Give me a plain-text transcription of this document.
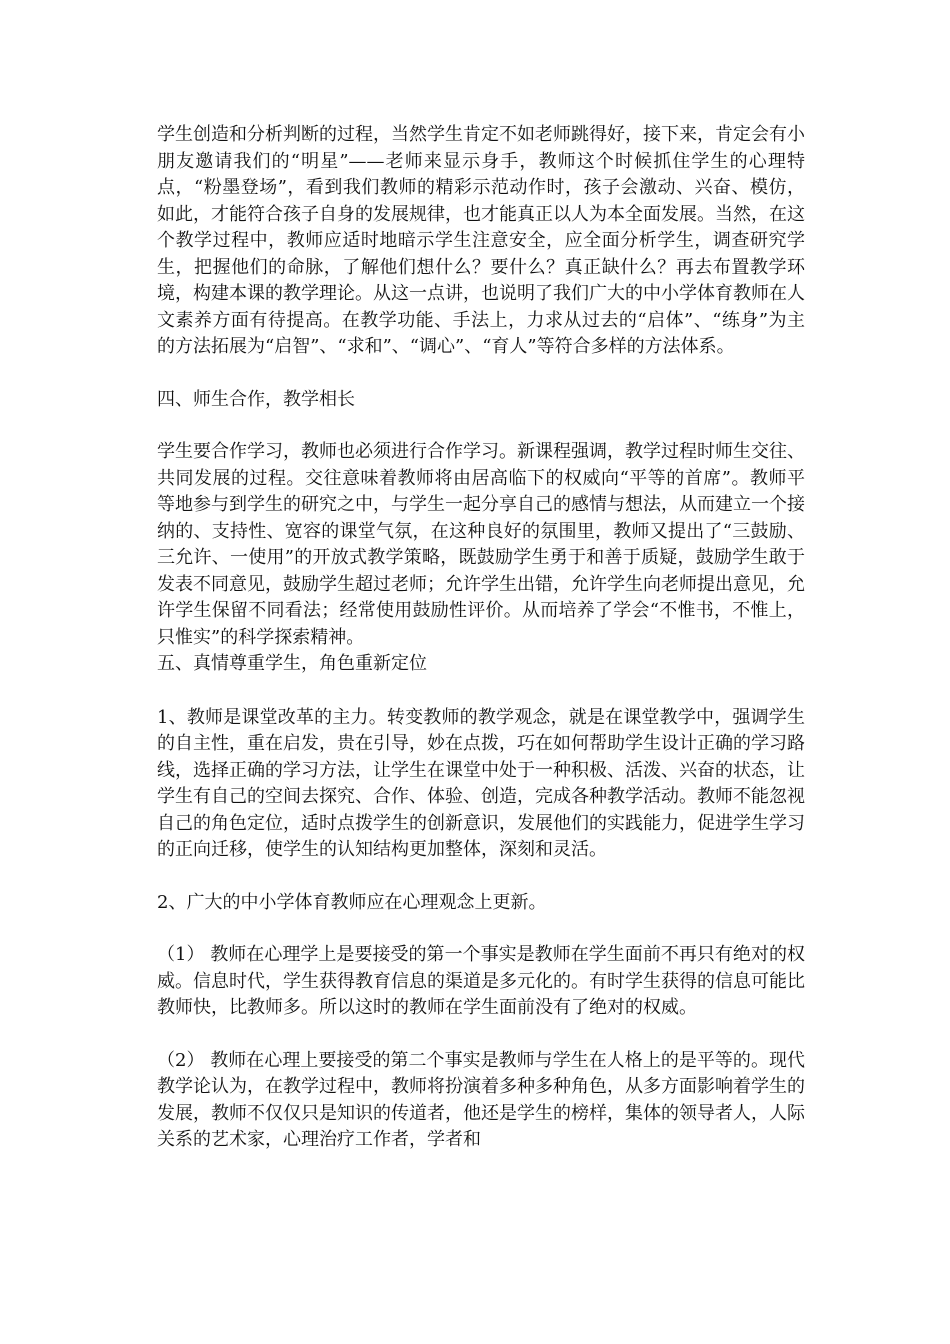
学生创造和分析判断的过程，当然学生肯定不如老师跳得好，接下来，肯定会有小朋友邀请我们的“明星”——老师来显示身手，教师这个时候抓住学生的心理特点，“粉墨登场”，看到我们教师的精彩示范动作时，孩子会激动、兴奋、模仿，如此，才能符合孩子自身的发展规律，也才能真正以人为本全面发展。当然，在这个教学过程中，教师应适时地暗示学生注意安全，应全面分析学生，调查研究学生，把握他们的命脉，了解他们想什么？要什么？真正缺什么？再去布置教学环境，构建本课的教学理论。从这一点讲，也说明了我们广大的中小学体育教师在人文素养方面有待提高。在教学功能、手法上，力求从过去的“启体”、“练身”为主的方法拓展为“启智”、“求和”、“调心”、“育人”等符合多样的方法体系。

四、师生合作，教学相长

学生要合作学习，教师也必须进行合作学习。新课程强调，教学过程时师生交往、共同发展的过程。交往意味着教师将由居高临下的权威向“平等的首席”。教师平等地参与到学生的研究之中，与学生一起分享自己的感情与想法，从而建立一个接纳的、支持性、宽容的课堂气氛，在这种良好的氛围里，教师又提出了“三鼓励、三允许、一使用”的开放式教学策略，既鼓励学生勇于和善于质疑，鼓励学生敢于发表不同意见，鼓励学生超过老师；允许学生出错，允许学生向老师提出意见，允许学生保留不同看法；经常使用鼓励性评价。从而培养了学会“不惟书，不惟上，只惟实”的科学探索精神。

五、真情尊重学生，角色重新定位

1、教师是课堂改革的主力。转变教师的教学观念，就是在课堂教学中，强调学生的自主性，重在启发，贵在引导，妙在点拨，巧在如何帮助学生设计正确的学习路线，选择正确的学习方法，让学生在课堂中处于一种积极、活泼、兴奋的状态，让学生有自己的空间去探究、合作、体验、创造，完成各种教学活动。教师不能忽视自己的角色定位，适时点拨学生的创新意识，发展他们的实践能力，促进学生学习的正向迁移，使学生的认知结构更加整体，深刻和灵活。

2、广大的中小学体育教师应在心理观念上更新。

（1） 教师在心理学上是要接受的第一个事实是教师在学生面前不再只有绝对的权威。信息时代，学生获得教育信息的渠道是多元化的。有时学生获得的信息可能比教师快，比教师多。所以这时的教师在学生面前没有了绝对的权威。

（2） 教师在心理上要接受的第二个事实是教师与学生在人格上的是平等的。现代教学论认为，在教学过程中，教师将扮演着多种多种角色，从多方面影响着学生的发展，教师不仅仅只是知识的传道者，他还是学生的榜样，集体的领导者人，人际关系的艺术家，心理治疗工作者，学者和
